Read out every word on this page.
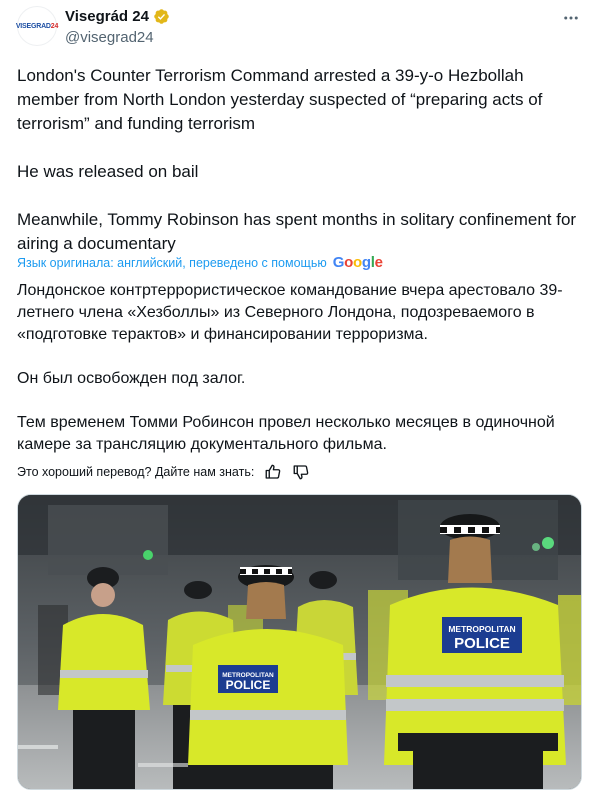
VISEGRAD24
Visegrád 24
@visegrad24

London's Counter Terrorism Command arrested a 39-y-o Hezbollah member from North London yesterday suspected of “preparing acts of terrorism” and funding terrorism

He was released on bail

Meanwhile, Tommy Robinson has spent months in solitary confinement for airing a documentary

Язык оригинала: английский, переведено с помощью Google

Лондонское контртеррористическое командование вчера арестовало 39-летнего члена «Хезболлы» из Северного Лондона, подозреваемого в «подготовке терактов» и финансировании терроризма.

Он был освобожден под залог.

Тем временем Томми Робинсон провел несколько месяцев в одиночной камере за трансляцию документального фильма.

Это хороший перевод? Дайте нам знать:
METROPOLITAN
POLICE
METROPOLITAN
POLICE
